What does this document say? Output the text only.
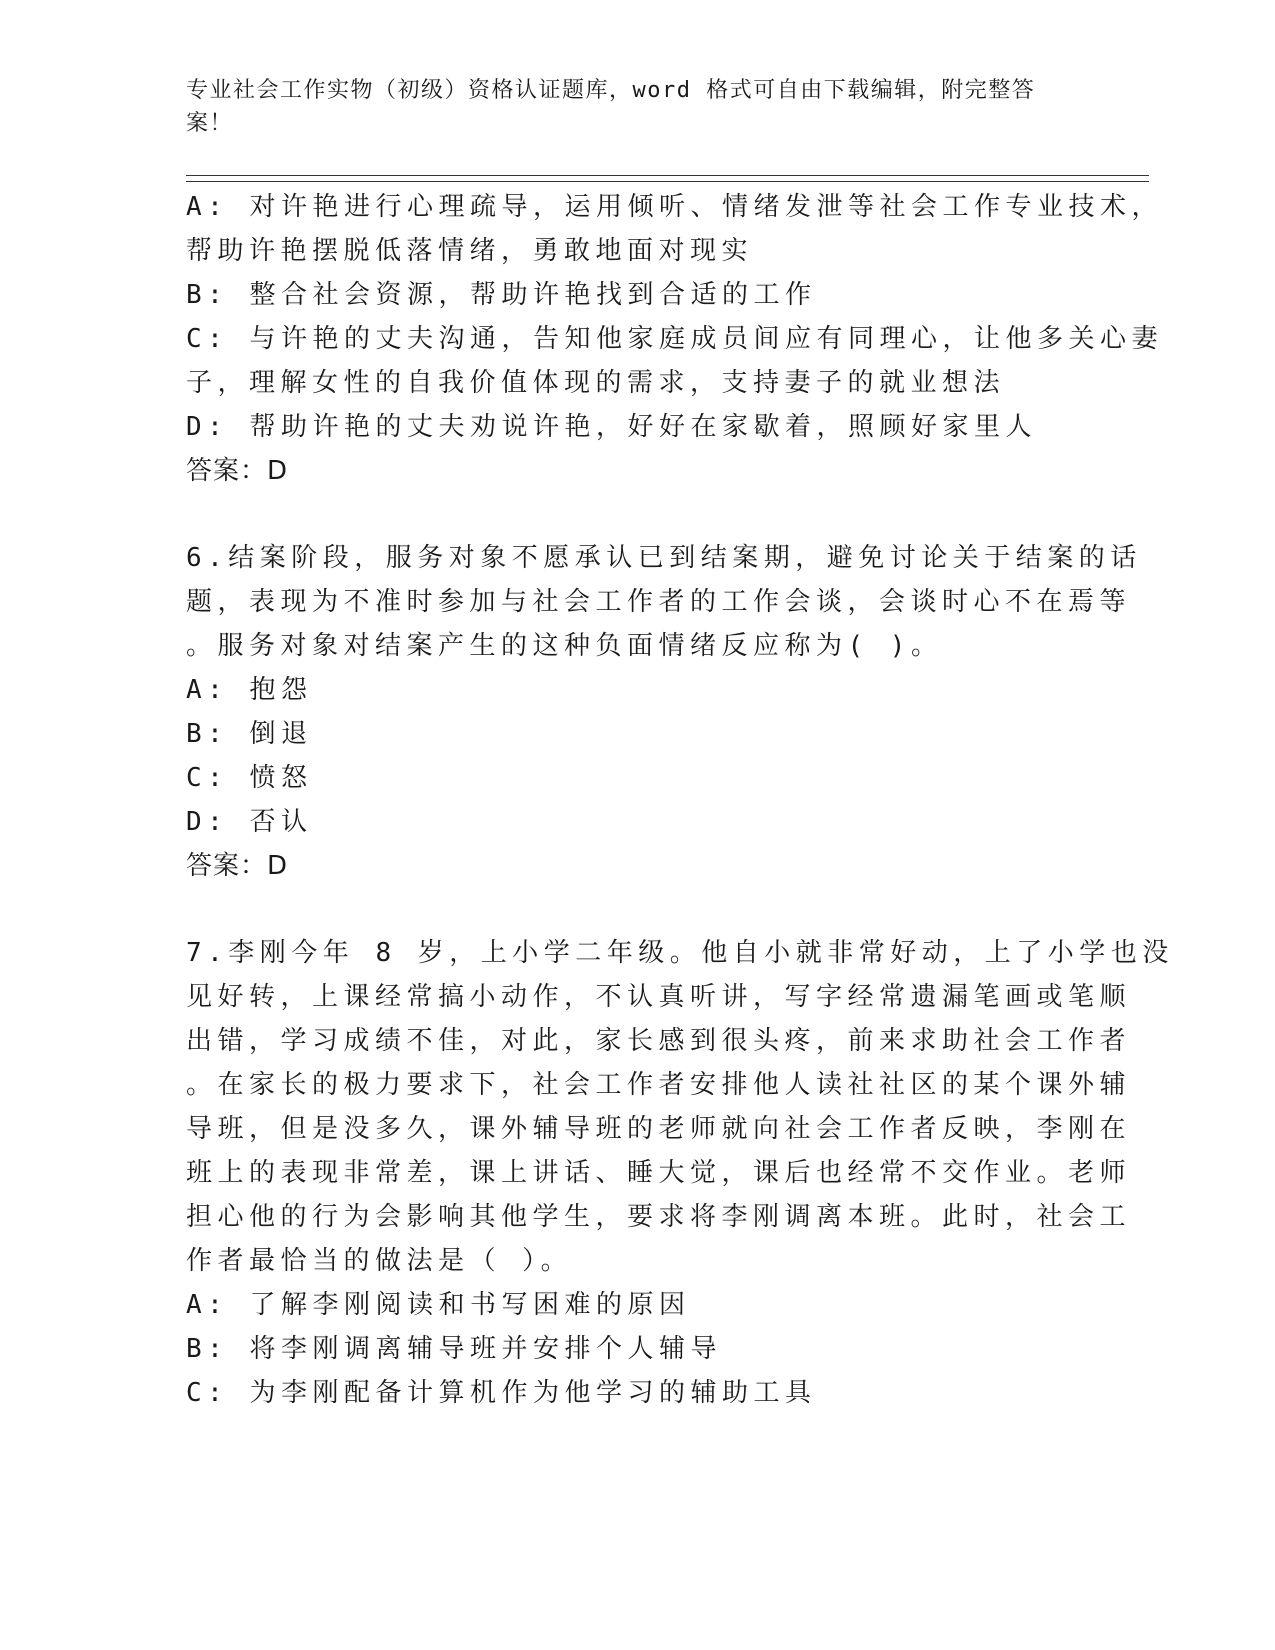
专业社会工作实物（初级）资格认证题库，word 格式可自由下载编辑，附完整答案！
A: 对许艳进行心理疏导，运用倾听、情绪发泄等社会工作专业技术，
帮助许艳摆脱低落情绪，勇敢地面对现实
B: 整合社会资源，帮助许艳找到合适的工作
C: 与许艳的丈夫沟通，告知他家庭成员间应有同理心，让他多关心妻
子，理解女性的自我价值体现的需求，支持妻子的就业想法
D: 帮助许艳的丈夫劝说许艳，好好在家歇着，照顾好家里人
答案：D
6.结案阶段，服务对象不愿承认已到结案期，避免讨论关于结案的话
题，表现为不准时参加与社会工作者的工作会谈，会谈时心不在焉等
。服务对象对结案产生的这种负面情绪反应称为( )。
A: 抱怨
B: 倒退
C: 愤怒
D: 否认
答案：D
7.李刚今年 8 岁，上小学二年级。他自小就非常好动，上了小学也没
见好转，上课经常搞小动作，不认真听讲，写字经常遗漏笔画或笔顺
出错，学习成绩不佳，对此，家长感到很头疼，前来求助社会工作者
。在家长的极力要求下，社会工作者安排他人读社社区的某个课外辅
导班，但是没多久，课外辅导班的老师就向社会工作者反映，李刚在
班上的表现非常差，课上讲话、睡大觉，课后也经常不交作业。老师
担心他的行为会影响其他学生，要求将李刚调离本班。此时，社会工
作者最恰当的做法是（ ）。
A: 了解李刚阅读和书写困难的原因
B: 将李刚调离辅导班并安排个人辅导
C: 为李刚配备计算机作为他学习的辅助工具
